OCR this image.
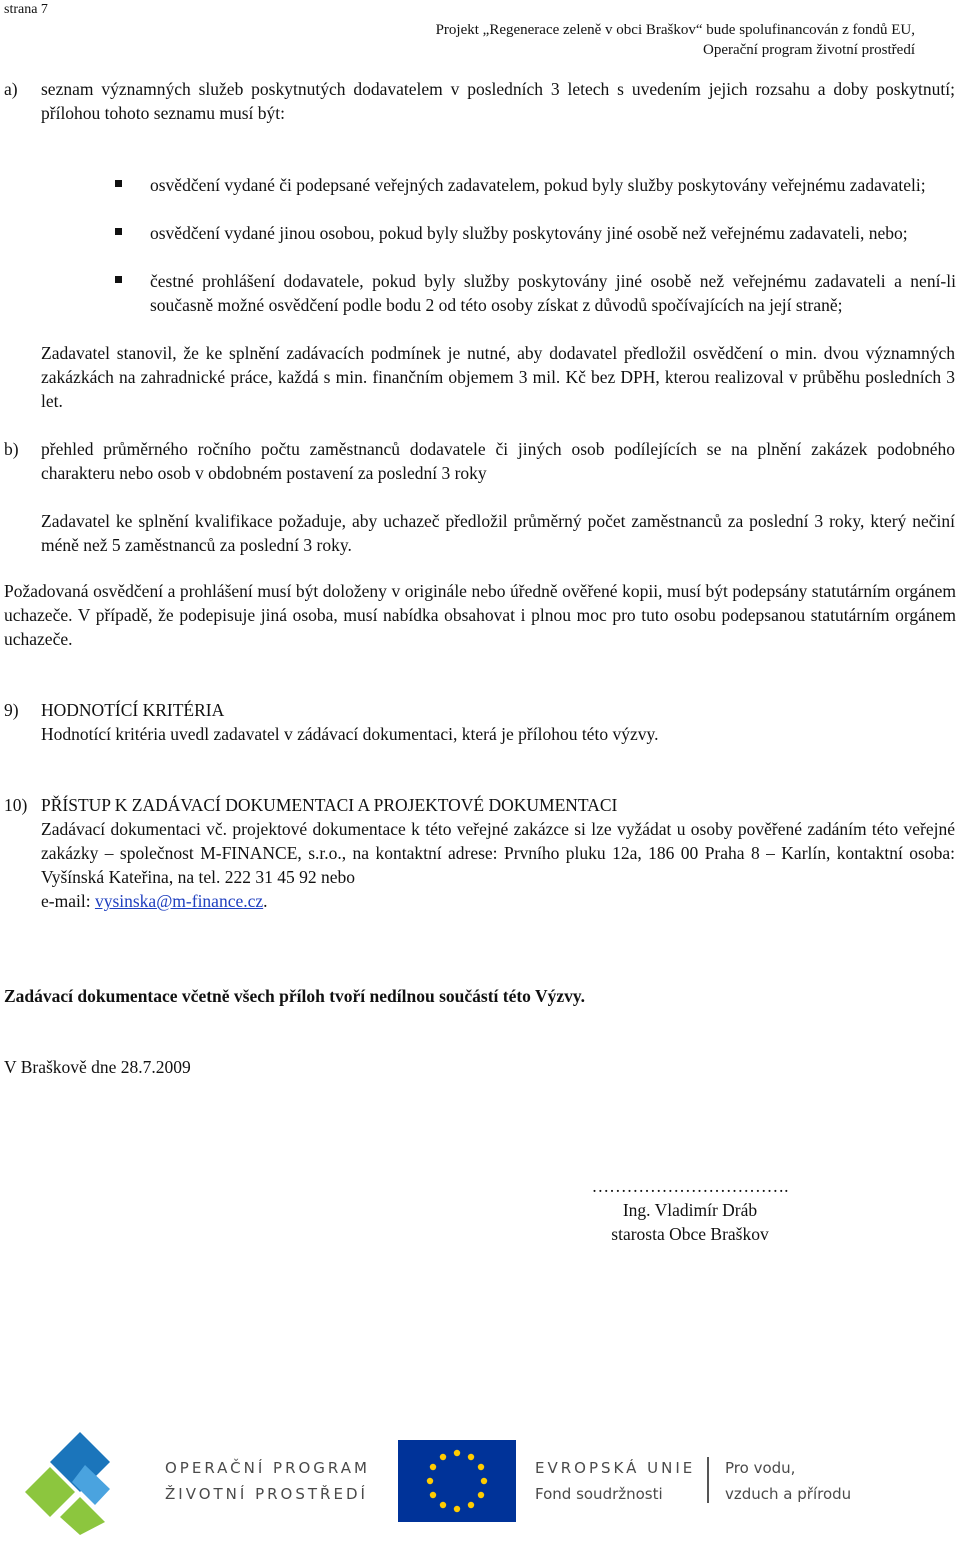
strana 7
Projekt „Regenerace zeleně v obci Braškov“ bude spolufinancován z fondů EU,
Operační program životní prostředí
a) seznam významných služeb poskytnutých dodavatelem v posledních 3 letech s uvedením jejich rozsahu a doby poskytnutí; přílohou tohoto seznamu musí být:
osvědčení vydané či podepsané veřejných zadavatelem, pokud byly služby poskytovány veřejnému zadavateli;
osvědčení vydané jinou osobou, pokud byly služby poskytovány jiné osobě než veřejnému zadavateli, nebo;
čestné prohlášení dodavatele, pokud byly služby poskytovány jiné osobě než veřejnému zadavateli a není-li současně možné osvědčení podle bodu 2 od této osoby získat z důvodů spočívajících na její straně;
Zadavatel stanovil, že ke splnění zadávacích podmínek je nutné, aby dodavatel předložil osvědčení o min. dvou významných zakázkách na zahradnické práce, každá s min. finančním objemem 3 mil. Kč bez DPH, kterou realizoval v průběhu posledních 3 let.
b) přehled průměrného ročního počtu zaměstnanců dodavatele či jiných osob podílejících se na plnění zakázek podobného charakteru nebo osob v obdobném postavení za poslední 3 roky
Zadavatel ke splnění kvalifikace požaduje, aby uchazeč předložil průměrný počet zaměstnanců za poslední 3 roky, který nečiní méně než 5 zaměstnanců za poslední 3 roky.
Požadovaná osvědčení a prohlášení musí být doloženy v originále nebo úředně ověřené kopii, musí být podepsány statutárním orgánem uchazeče. V případě, že podepisuje jiná osoba, musí nabídka obsahovat i plnou moc pro tuto osobu podepsanou statutárním orgánem uchazeče.
9) HODNOTÍCÍ KRITÉRIA
Hodnotící kritéria uvedl zadavatel v zádávací dokumentaci, která je přílohou této výzvy.
10) PŘÍSTUP K ZADÁVACÍ DOKUMENTACI A PROJEKTOVÉ DOKUMENTACI
Zadávací dokumentaci vč. projektové dokumentace k této veřejné zakázce si lze vyžádat u osoby pověřené zadáním této veřejné zakázky – společnost M-FINANCE, s.r.o., na kontaktní adrese: Prvního pluku 12a, 186 00 Praha 8 – Karlín, kontaktní osoba: Vyšínská Kateřina, na tel. 222 31 45 92 nebo
e-mail: vysinska@m-finance.cz.
Zadávací dokumentace včetně všech příloh tvoří nedílnou součástí této Výzvy.
V Braškově dne 28.7.2009
…………………………….
Ing. Vladimír Dráb
starosta Obce Braškov
OPERAČNÍ PROGRAM
ŽIVOTNÍ PROSTŘEDÍ
EVROPSKÁ UNIE
Fond soudržnosti
Pro vodu,
vzduch a přírodu
